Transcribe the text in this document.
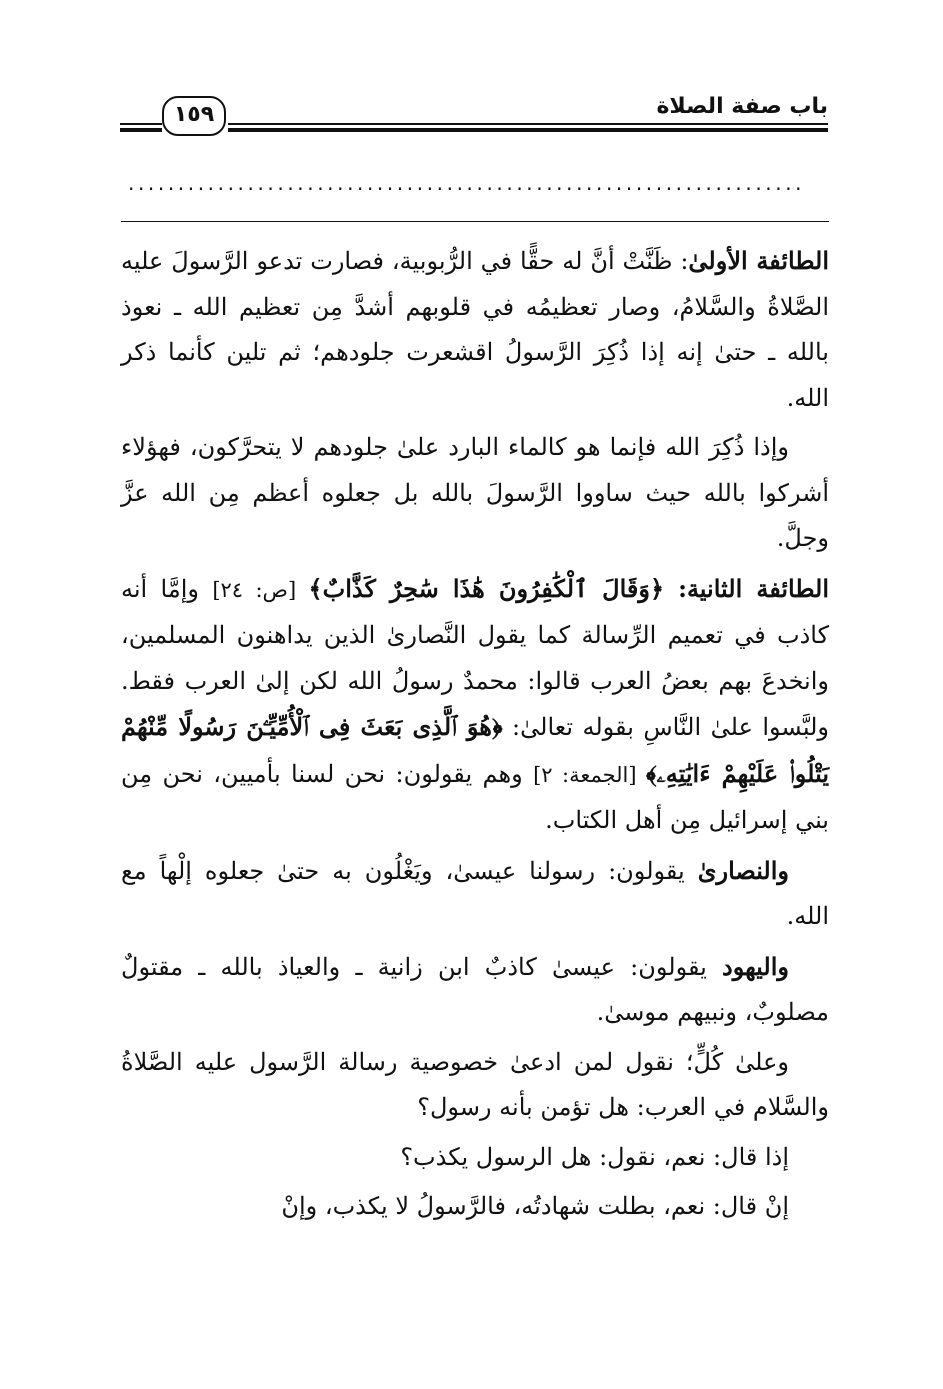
باب صفة الصلاة
١٥٩
....................................................................

الطائفة الأولىٰ: ظَنَّتْ أنَّ له حقًّا في الرُّبوبية، فصارت تدعو الرَّسولَ عليه الصَّلاةُ والسَّلامُ، وصار تعظيمُه في قلوبهم أشدَّ مِن تعظيم الله ـ نعوذ بالله ـ حتىٰ إنه إذا ذُكِرَ الرَّسولُ اقشعرت جلودهم؛ ثم تلين كأنما ذكر الله.

وإذا ذُكِرَ الله فإنما هو كالماء البارد علىٰ جلودهم لا يتحرَّكون، فهؤلاء أشركوا بالله حيث ساووا الرَّسولَ بالله بل جعلوه أعظم مِن الله عزَّ وجلَّ.

الطائفة الثانية: ﴿وَقَالَ ٱلْكَٰفِرُونَ هَٰذَا سَٰحِرٌ كَذَّابٌ﴾ [ص: ٢٤] وإمَّا أنه كاذب في تعميم الرِّسالة كما يقول النَّصارىٰ الذين يداهنون المسلمين، وانخدعَ بهم بعضُ العرب قالوا: محمدٌ رسولُ الله لكن إلىٰ العرب فقط. ولبَّسوا علىٰ النَّاسِ بقوله تعالىٰ: ﴿هُوَ ٱلَّذِى بَعَثَ فِى ٱلْأُمِّيِّـۧنَ رَسُولًا مِّنْهُمْ يَتْلُوا۟ عَلَيْهِمْ ءَايَٰتِهِۦ﴾ [الجمعة: ٢] وهم يقولون: نحن لسنا بأميين، نحن مِن بني إسرائيل مِن أهل الكتاب.

والنصارىٰ يقولون: رسولنا عيسىٰ، ويَغْلُون به حتىٰ جعلوه إلْهاً مع الله.

واليهود يقولون: عيسىٰ كاذبٌ ابن زانية ـ والعياذ بالله ـ مقتولٌ مصلوبٌ، ونبيهم موسىٰ.

وعلىٰ كُلٍّ؛ نقول لمن ادعىٰ خصوصية رسالة الرَّسول عليه الصَّلاةُ والسَّلام في العرب: هل تؤمن بأنه رسول؟

إذا قال: نعم، نقول: هل الرسول يكذب؟

إنْ قال: نعم، بطلت شهادتُه، فالرَّسولُ لا يكذب، وإنْ
